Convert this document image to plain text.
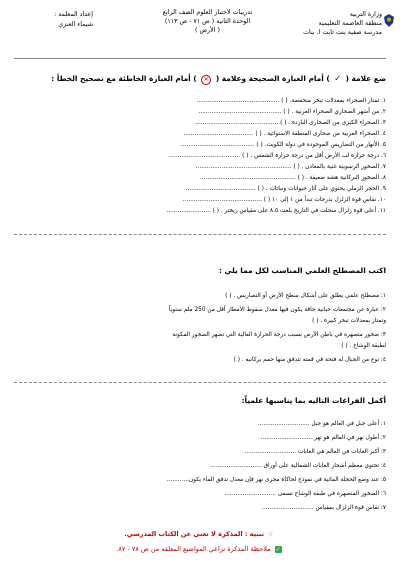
وزارة التربية
منطقة العاصمة التعليمية
مدرسة صفية بنت ثابت ا. بنات
تدريبات لاختبار العلوم الصف الرابع
الوحدة الثانية ( ص ٧١ - ص ١١٣)
( الأرض )
إعداد المعلمة :
شيماء العنزي
ضع علامة ( ✓ ) أمام العبارة الصحيحة وعلامة ( ✕ ) أمام العبارة الخاطئة مع تصحيح الخطأ :
١. تمتاز الصحراء بمعدلات تبخر منخفضة. ( ) .............................................
٢. من أشهر الصحاري الصحراء العربية . ( ) .............................................
٣. الصحراء الكبرى من الصحارى الباردة . ( ) .............................................
٤. الصحراء العربية من صحارى المنطقة الاستوائية . ( ) ......................................
٥. الأنهار من التضاريس الموجوده في دولة الكويت. ( ) ........................................
٦. درجة حرارة لب الأرض أقل من درجة حرارة الشمس . ( ) .......................................
٧. الصخور الرسوبية غنية بالمعادن . ( ) ....................................................
٨. الصخور البركانية هشه ضعيفة . ( ) ....................................................
٩. الحجر الرملي يحتوي على آثار حيوانات ونباتات . ( ) ......................................
١٠. نقاس قوة الزلزل بدرجات تبدأ من ١ إلى ١٠ ( ) ...........................................
١١. أعلى قوة زلزال سجلت في التاريخ بلغت ٨.٥ على مقياس ريختر . ( ) ........................
اكتب المصطلح العلمي المناسب لكل مما يلي :
١: مصطلح علمي يطلق على أشكال سطح الأرض أو التضاريس . ( )
٢: عبارة عن مجتمعات حيانية جافة يكون فيها معدل سقوط الأمطار أقل من 250 ملم سنوياً
وتمتاز بمعدلات تبخر كبيرة . ( )
٣: صخور متصهره في باطن الأرض بسبب درجة الحرارة العالية التي تصهر الصخور المكونة
لطبقة الوشاح . ( )
٤: نوع من الجبال له فتحة في قمته تتدفق منها حمم بركانيه . ( )
أكمل الفراغات التاليه بما يناسبها علمياً:
١: أعلى جبل في العالم هو جبل ............................
٢: أطول نهر في العالم هو نهر ............................
٣: أكبر الغابات في العالم هي الغابات ............................
٤: تحتوي معظم أشجار الغابات الشمالية على أوراق ............................
٥: عند وضع الحجلة المائية في نموذج لحاكاة مجرى نهر فإن معدل تدفق الماء يكون............
٦: الصخور المنصهره في طبقة الوشاح تسمى ............................
٧: نقاس قوة الزلزال بمقياس ............................
☞ تنبيه : المذكرة لا تغني عن الكتاب المدرسي.
✓ ملاحظة المذكرة تراعي المواضيع المعلقه من ص ٧٨ - ٨٧.
